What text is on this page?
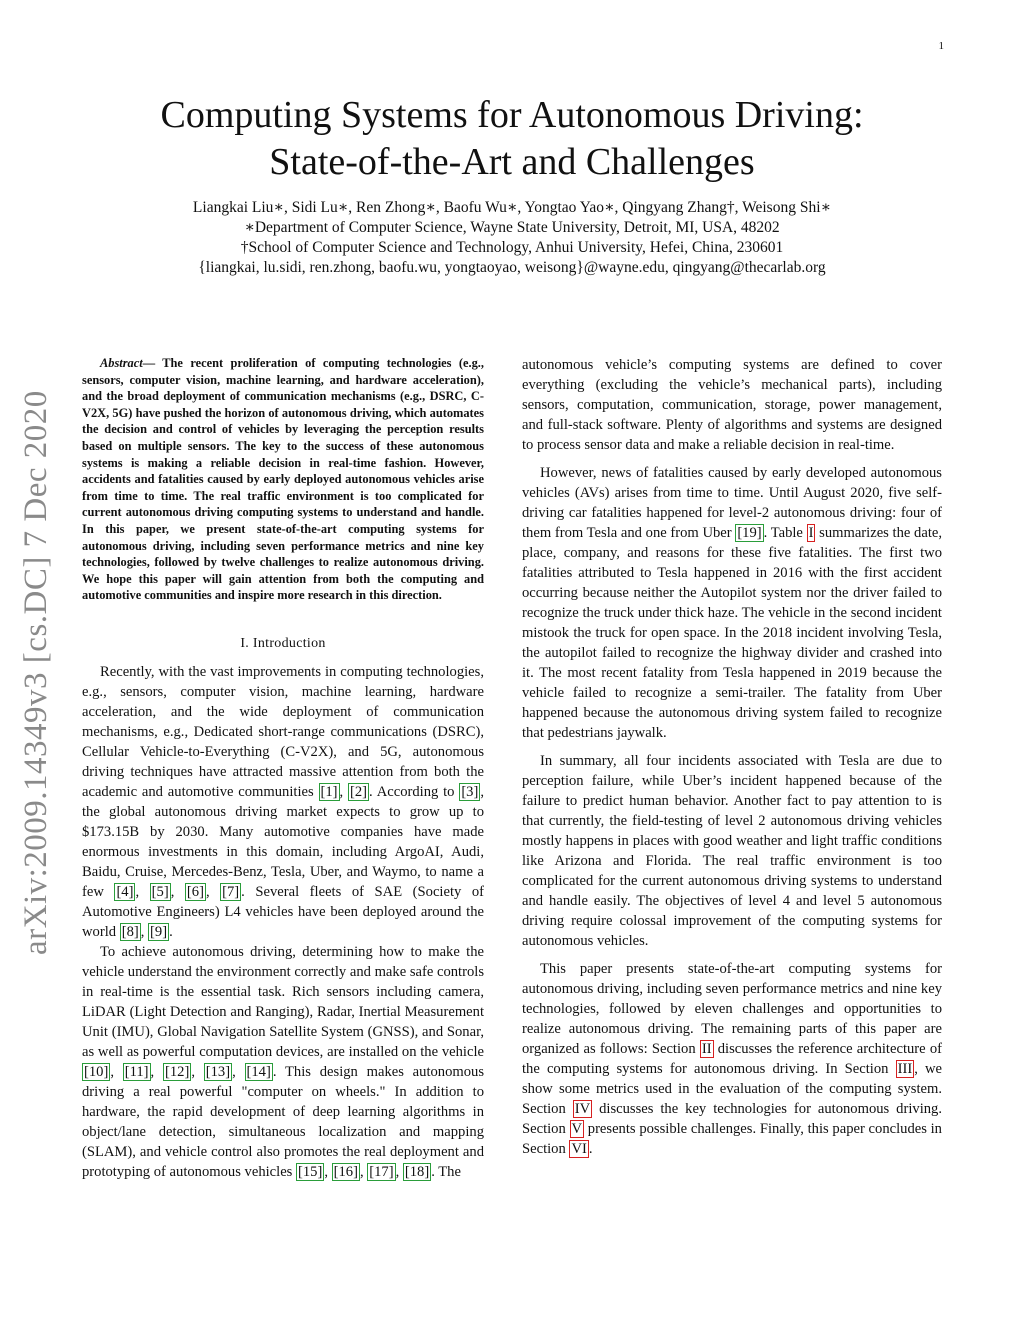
1
arXiv:2009.14349v3 [cs.DC] 7 Dec 2020
Computing Systems for Autonomous Driving:
State-of-the-Art and Challenges
Liangkai Liu∗, Sidi Lu∗, Ren Zhong∗, Baofu Wu∗, Yongtao Yao∗, Qingyang Zhang†, Weisong Shi∗
∗Department of Computer Science, Wayne State University, Detroit, MI, USA, 48202
†School of Computer Science and Technology, Anhui University, Hefei, China, 230601
{liangkai, lu.sidi, ren.zhong, baofu.wu, yongtaoyao, weisong}@wayne.edu, qingyang@thecarlab.org

Abstract— The recent proliferation of computing technologies (e.g., sensors, computer vision, machine learning, and hardware acceleration), and the broad deployment of communication mechanisms (e.g., DSRC, C-V2X, 5G) have pushed the horizon of autonomous driving, which automates the decision and control of vehicles by leveraging the perception results based on multiple sensors. The key to the success of these autonomous systems is making a reliable decision in real-time fashion. However, accidents and fatalities caused by early deployed autonomous vehicles arise from time to time. The real traffic environment is too complicated for current autonomous driving computing systems to understand and handle. In this paper, we present state-of-the-art computing systems for autonomous driving, including seven performance metrics and nine key technologies, followed by twelve challenges to realize autonomous driving. We hope this paper will gain attention from both the computing and automotive communities and inspire more research in this direction.

I. Introduction

Recently, with the vast improvements in computing technologies, e.g., sensors, computer vision, machine learning, hardware acceleration, and the wide deployment of communication mechanisms, e.g., Dedicated short-range communications (DSRC), Cellular Vehicle-to-Everything (C-V2X), and 5G, autonomous driving techniques have attracted massive attention from both the academic and automotive communities [1] , [2] . According to [3] , the global autonomous driving market expects to grow up to $173.15B by 2030. Many automotive companies have made enormous investments in this domain, including ArgoAI, Audi, Baidu, Cruise, Mercedes-Benz, Tesla, Uber, and Waymo, to name a few [4] , [5] , [6] , [7] . Several fleets of SAE (Society of Automotive Engineers) L4 vehicles have been deployed around the world [8] , [9] .

To achieve autonomous driving, determining how to make the vehicle understand the environment correctly and make safe controls in real-time is the essential task. Rich sensors including camera, LiDAR (Light Detection and Ranging), Radar, Inertial Measurement Unit (IMU), Global Navigation Satellite System (GNSS), and Sonar, as well as powerful computation devices, are installed on the vehicle [10] , [11] , [12] , [13] , [14] . This design makes autonomous driving a real powerful "computer on wheels." In addition to hardware, the rapid development of deep learning algorithms in object/lane detection, simultaneous localization and mapping (SLAM), and vehicle control also promotes the real deployment and prototyping of autonomous vehicles [15] , [16] , [17] , [18] . The

autonomous vehicle’s computing systems are defined to cover everything (excluding the vehicle’s mechanical parts), including sensors, computation, communication, storage, power management, and full-stack software. Plenty of algorithms and systems are designed to process sensor data and make a reliable decision in real-time.

However, news of fatalities caused by early developed autonomous vehicles (AVs) arises from time to time. Until August 2020, five self-driving car fatalities happened for level-2 autonomous driving: four of them from Tesla and one from Uber [19] . Table I summarizes the date, place, company, and reasons for these five fatalities. The first two fatalities attributed to Tesla happened in 2016 with the first accident occurring because neither the Autopilot system nor the driver failed to recognize the truck under thick haze. The vehicle in the second incident mistook the truck for open space. In the 2018 incident involving Tesla, the autopilot failed to recognize the highway divider and crashed into it. The most recent fatality from Tesla happened in 2019 because the vehicle failed to recognize a semi-trailer. The fatality from Uber happened because the autonomous driving system failed to recognize that pedestrians jaywalk.

In summary, all four incidents associated with Tesla are due to perception failure, while Uber’s incident happened because of the failure to predict human behavior. Another fact to pay attention to is that currently, the field-testing of level 2 autonomous driving vehicles mostly happens in places with good weather and light traffic conditions like Arizona and Florida. The real traffic environment is too complicated for the current autonomous driving systems to understand and handle easily. The objectives of level 4 and level 5 autonomous driving require colossal improvement of the computing systems for autonomous vehicles.

This paper presents state-of-the-art computing systems for autonomous driving, including seven performance metrics and nine key technologies, followed by eleven challenges and opportunities to realize autonomous driving. The remaining parts of this paper are organized as follows: Section II discusses the reference architecture of the computing systems for autonomous driving. In Section III , we show some metrics used in the evaluation of the computing system. Section IV discusses the key technologies for autonomous driving. Section V presents possible challenges. Finally, this paper concludes in Section VI .
